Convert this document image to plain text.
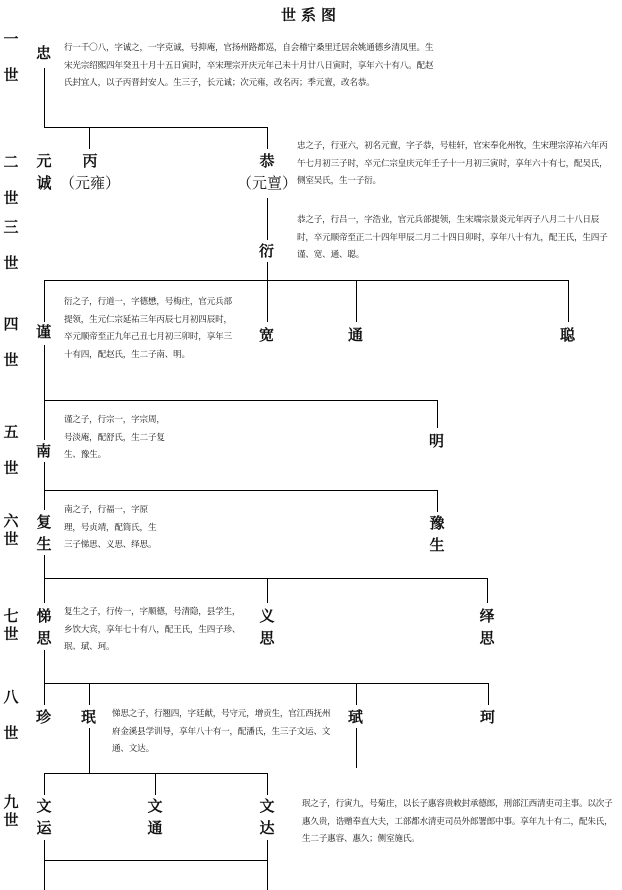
世系图
一

世
二

世
三

世
四

世
五

世
六
世
七
世
八

世
九
世
忠
元
诚
丙
（元雍）
恭
（元亶）
衍
谨	宽	通	聪
南
明
复
生
豫
生
悌
思
义
思
绎
思
珍 珉	珷	珂
文
运
文
通
文
达
行一千〇八，字诚之，一字克诚，号抑庵，官扬州路都巡，自会稽宁桑里迁居余姚通德乡清凤里。生宋光宗绍熙四年癸丑十月十五日寅时，卒宋理宗开庆元年己未十月廿八日寅时，享年六十有八。配赵氏封宜人，以子丙晋封安人。生三子，长元诚；次元雍，改名丙；季元亶，改名恭。
忠之子，行亚六，初名元亶，字子恭，号桂轩，官宋奉化州牧，生宋理宗淳祐六年丙午七月初三子时，卒元仁宗皇庆元年壬子十一月初三寅时，享年六十有七，配吴氏，侧室吴氏，生一子衍。
恭之子，行吕一，字浩业，官元兵部提领，生宋端宗景炎元年丙子八月二十八日辰时，卒元顺帝至正二十四年甲辰二月二十四日卯时，享年八十有九，配王氏，生四子谨、宽、通、聪。
衍之子，行道一，字德懋，号梅庄，官元兵部提领，生元仁宗延祐三年丙辰七月初四辰时，卒元顺帝至正九年己丑七月初三卯时，享年三十有四，配赵氏，生二子南、明。
谨之子，行宗一，字宗周，号淡庵，配舒氏，生二子复生、豫生。
南之子，行福一，字原理，号贞靖，配筒氏，生三子悌思、义思、绎思。
复生之子，行传一，字顺德，号清隐，县学生，乡饮大宾，享年七十有八，配王氏，生四子珍、珉、珷、珂。
悌思之子，行翘四，字廷献，号守元，增贡生，官江西抚州府金溪县学训导，享年八十有一，配潘氏，生三子文运、文通、文达。
珉之子，行寅九，号菊庄，以长子惠容贵敕封承德郎，刑部江西清吏司主事。以次子惠久贵，诰赠奉直大夫，工部都水清吏司员外郎署郎中事。享年九十有二，配朱氏，生二子惠容、惠久；侧室施氏。
